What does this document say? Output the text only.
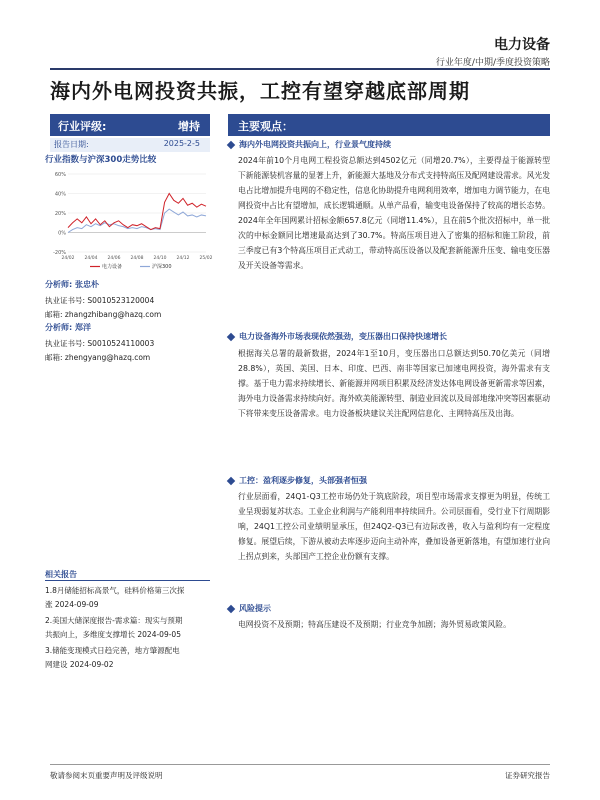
电力设备
行业年度/中期/季度投资策略
海内外电网投资共振，工控有望穿越底部周期
行业评级:	增持
报告日期:	2025-2-5
行业指数与沪深300走势比较
60%
40%
20%
0%
-20%
24/02 24/04 24/06 24/08 24/10 24/12 25/02
电力设备	沪深300
分析师: 张忠朴
执业证书号: S0010523120004
邮箱: zhangzhibang@hazq.com
分析师: 郑洋
执业证书号: S0010524110003
邮箱: zhengyang@hazq.com
相关报告
1.8月储能招标高景气，硅料价格第三次探
涨 2024-09-09
2.美国大储深度报告-需求篇：现实与预期
共振向上，多维度支撑增长 2024-09-05
3.储能变现模式日趋完善，地方肇源配电
网建设 2024-09-02
主要观点：
海内外电网投资共振向上，行业景气度持续
2024年前10个月电网工程投资总额达到4502亿元（同增20.7%），主要得益于能源转型下新能源装机容量的显著上升，新能源大基地及分布式支持特高压及配网建设需求。风光发电占比增加提升电网的不稳定性，信息化协助提升电网利用效率，增加电力调节能力，在电网投资中占比有望增加，成长逻辑通顺。从单产品看，输变电设备保持了较高的增长态势。2024年全年国网累计招标金额657.8亿元（同增11.4%），且在前5个批次招标中，单一批次的中标金额同比增速最高达到了30.7%。特高压项目进入了密集的招标和施工阶段，前三季度已有3个特高压项目正式动工，带动特高压设备以及配套新能源升压变、输电变压器及开关设备等需求。
电力设备海外市场表现依然强劲，变压器出口保持快速增长
根据海关总署的最新数据，2024年1至10月，变压器出口总额达到50.70亿美元（同增28.8%），英国、美国、日本、印度、巴西、南非等国家已加速电网投资，海外需求有支撑。基于电力需求持续增长、新能源并网项目积累及经济发达体电网设备更新需求等因素，海外电力设备需求持续向好。海外欧美能源转型、制造业回流以及局部地缘冲突等因素驱动下将带来变压设备需求。电力设备板块建议关注配网信息化、主网特高压及出海。
工控：盈利逐步修复，头部强者恒强
行业层面看，24Q1-Q3工控市场仍处于筑底阶段，项目型市场需求支撑更为明显，传统工业呈现弱复苏状态。工业企业利润与产能利用率持续回升。公司层面看，受行业下行周期影响，24Q1工控公司业绩明显承压，但24Q2-Q3已有边际改善，收入与盈利均有一定程度修复。展望后续，下游从被动去库逐步迈向主动补库，叠加设备更新落地，有望加速行业向上拐点到来，头部国产工控企业份额有支撑。
风险提示
电网投资不及预期；特高压建设不及预期；行业竞争加剧；海外贸易政策风险。
敬请参阅末页重要声明及评级说明	证券研究报告
